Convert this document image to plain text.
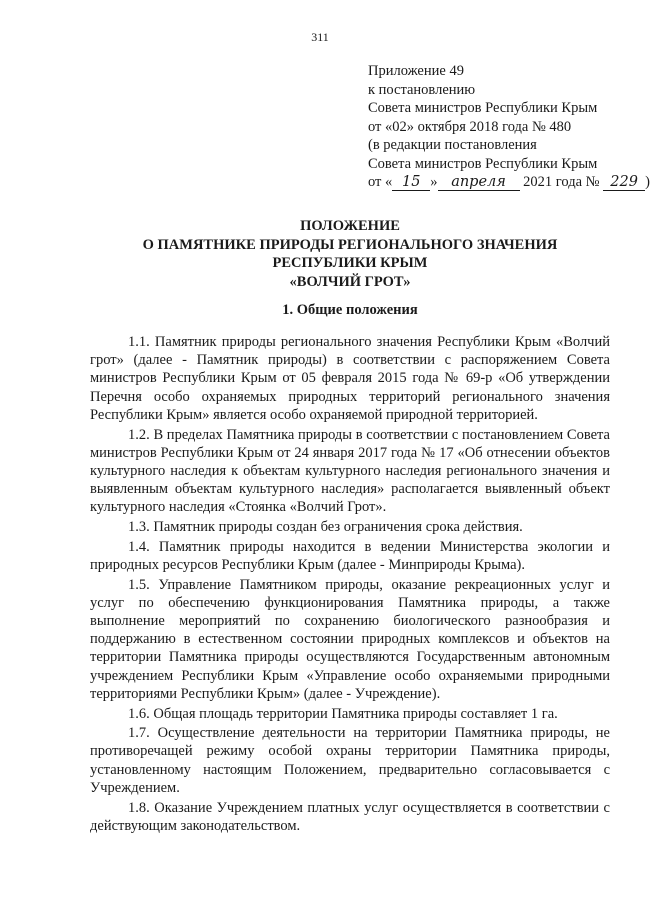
311
Приложение 49
к постановлению
Совета министров Республики Крым
от «02» октября 2018 года № 480
(в редакции постановления
Совета министров Республики Крым
от « 15 » апреля 2021 года № 229 )
ПОЛОЖЕНИЕ
О ПАМЯТНИКЕ ПРИРОДЫ РЕГИОНАЛЬНОГО ЗНАЧЕНИЯ
РЕСПУБЛИКИ КРЫМ
«ВОЛЧИЙ ГРОТ»
1. Общие положения

1.1. Памятник природы регионального значения Республики Крым «Волчий грот» (далее - Памятник природы) в соответствии с распоряжением Совета министров Республики Крым от 05 февраля 2015 года № 69-р «Об утверждении Перечня особо охраняемых природных территорий регионального значения Республики Крым» является особо охраняемой природной территорией.

1.2. В пределах Памятника природы в соответствии с постановлением Совета министров Республики Крым от 24 января 2017 года № 17 «Об отнесении объектов культурного наследия к объектам культурного наследия регионального значения и выявленным объектам культурного наследия» располагается выявленный объект культурного наследия «Стоянка «Волчий Грот».

1.3. Памятник природы создан без ограничения срока действия.

1.4. Памятник природы находится в ведении Министерства экологии и природных ресурсов Республики Крым (далее - Минприроды Крыма).

1.5. Управление Памятником природы, оказание рекреационных услуг и услуг по обеспечению функционирования Памятника природы, а также выполнение мероприятий по сохранению биологического разнообразия и поддержанию в естественном состоянии природных комплексов и объектов на территории Памятника природы осуществляются Государственным автономным учреждением Республики Крым «Управление особо охраняемыми природными территориями Республики Крым» (далее - Учреждение).

1.6. Общая площадь территории Памятника природы составляет 1 га.

1.7. Осуществление деятельности на территории Памятника природы, не противоречащей режиму особой охраны территории Памятника природы, установленному настоящим Положением, предварительно согласовывается с Учреждением.

1.8. Оказание Учреждением платных услуг осуществляется в соответствии с действующим законодательством.
